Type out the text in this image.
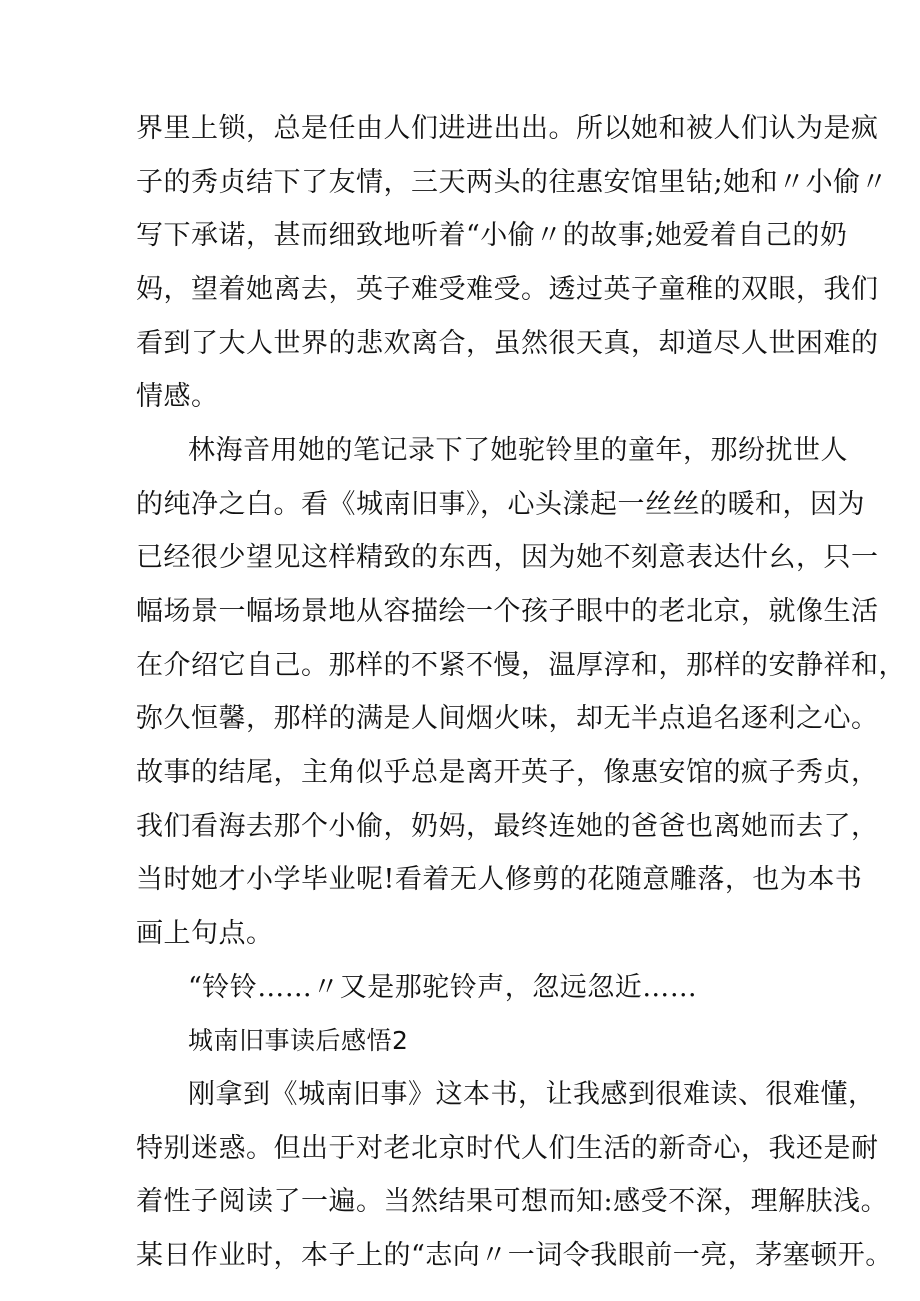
界里上锁，总是任由人们进进出出。所以她和被人们认为是疯
子的秀贞结下了友情，三天两头的往惠安馆里钻;她和〃小偷〃
写下承诺，甚而细致地听着“小偷〃的故事;她爱着自己的奶
妈，望着她离去，英子难受难受。透过英子童稚的双眼，我们
看到了大人世界的悲欢离合，虽然很天真，却道尽人世困难的
情感。
林海音用她的笔记录下了她驼铃里的童年，那纷扰世人
的纯净之白。看《城南旧事》，心头漾起一丝丝的暖和，因为
已经很少望见这样精致的东西，因为她不刻意表达什幺，只一
幅场景一幅场景地从容描绘一个孩子眼中的老北京，就像生活
在介绍它自己。那样的不紧不慢，温厚淳和，那样的安静祥和，
弥久恒馨，那样的满是人间烟火味，却无半点追名逐利之心。
故事的结尾，主角似乎总是离开英子，像惠安馆的疯子秀贞，
我们看海去那个小偷，奶妈，最终连她的爸爸也离她而去了，
当时她才小学毕业呢!看着无人修剪的花随意雕落，也为本书
画上句点。
“铃铃……〃又是那驼铃声，忽远忽近……
城南旧事读后感悟2
刚拿到《城南旧事》这本书，让我感到很难读、很难懂，
特别迷惑。但出于对老北京时代人们生活的新奇心，我还是耐
着性子阅读了一遍。当然结果可想而知:感受不深，理解肤浅。
某日作业时，本子上的“志向〃一词令我眼前一亮，茅塞顿开。
